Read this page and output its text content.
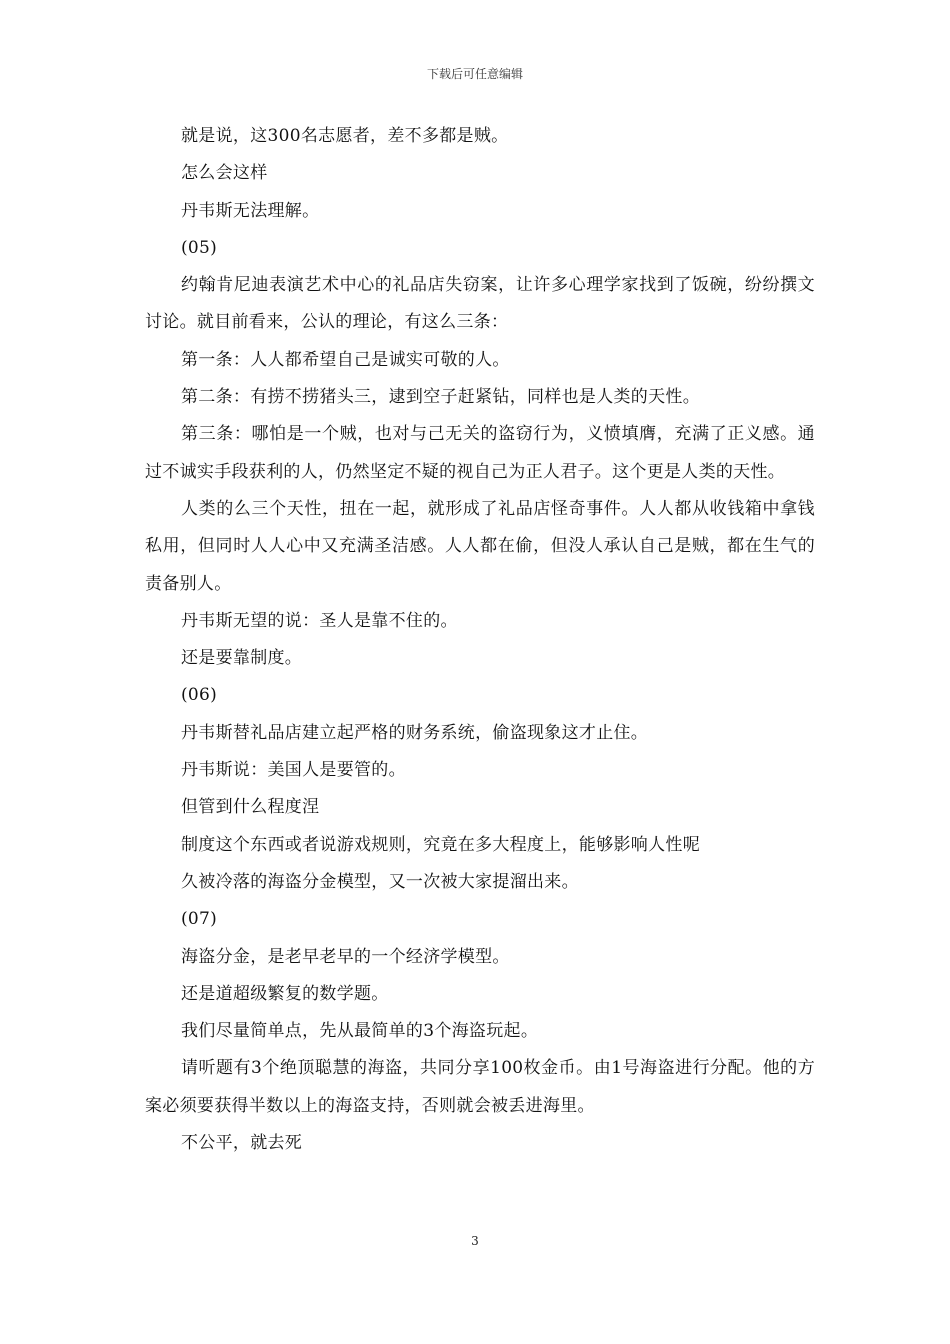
下载后可任意编辑

就是说，这300名志愿者，差不多都是贼。

怎么会这样

丹韦斯无法理解。

(05)

约翰肯尼迪表演艺术中心的礼品店失窃案，让许多心理学家找到了饭碗，纷纷撰文讨论。就目前看来，公认的理论，有这么三条：

第一条：人人都希望自己是诚实可敬的人。

第二条：有捞不捞猪头三，逮到空子赶紧钻，同样也是人类的天性。

第三条：哪怕是一个贼，也对与己无关的盗窃行为，义愤填膺，充满了正义感。通过不诚实手段获利的人，仍然坚定不疑的视自己为正人君子。这个更是人类的天性。

人类的么三个天性，扭在一起，就形成了礼品店怪奇事件。人人都从收钱箱中拿钱私用，但同时人人心中又充满圣洁感。人人都在偷，但没人承认自己是贼，都在生气的责备别人。

丹韦斯无望的说：圣人是靠不住的。

还是要靠制度。

(06)

丹韦斯替礼品店建立起严格的财务系统，偷盗现象这才止住。

丹韦斯说：美国人是要管的。

但管到什么程度涅

制度这个东西或者说游戏规则，究竟在多大程度上，能够影响人性呢

久被冷落的海盗分金模型，又一次被大家提溜出来。

(07)

海盗分金，是老早老早的一个经济学模型。

还是道超级繁复的数学题。

我们尽量简单点，先从最简单的3个海盗玩起。

请听题有3个绝顶聪慧的海盗，共同分享100枚金币。由1号海盗进行分配。他的方案必须要获得半数以上的海盗支持，否则就会被丢进海里。

不公平，就去死

3
